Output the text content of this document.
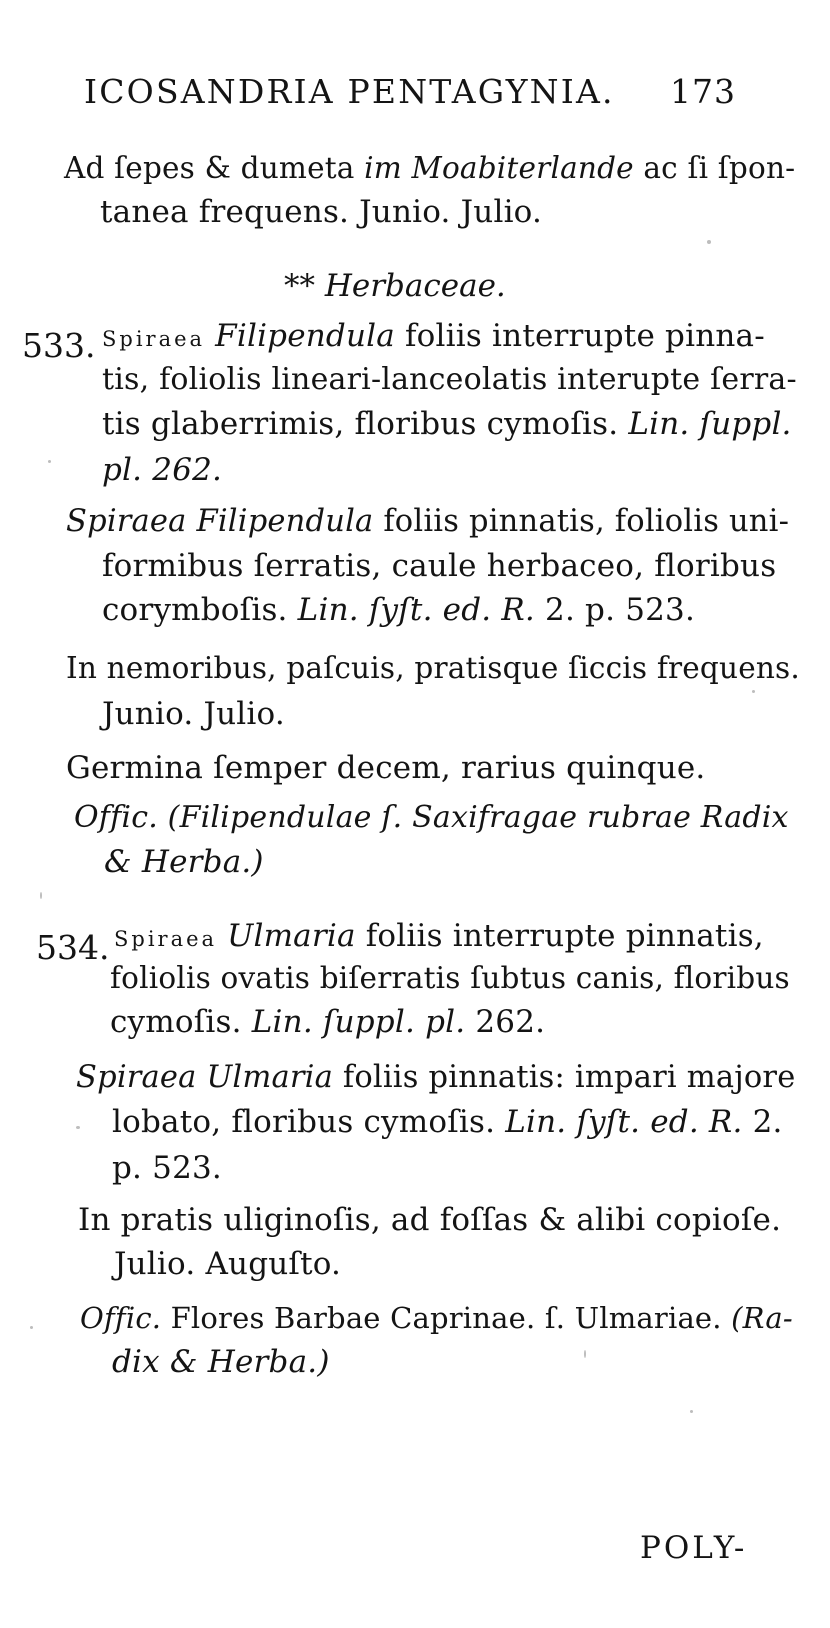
ICOSANDRIA PENTAGYNIA. 173
Ad ſepes & dumeta im Moabiterlande ac ſi ſpon-
tanea frequens. Junio. Julio.
** Herbaceae.
533. Spiraea Filipendula foliis interrupte pinna-
tis, foliolis lineari-lanceolatis interupte ſerra-
tis glaberrimis, floribus cymoſis. Lin. ſuppl.
pl. 262.
Spiraea Filipendula foliis pinnatis, foliolis uni-
formibus ſerratis, caule herbaceo, floribus
corymboſis. Lin. ſyſt. ed. R. 2. p. 523.
In nemoribus, paſcuis, pratisque ſiccis frequens.
Junio. Julio.
Germina ſemper decem, rarius quinque.
Offic. (Filipendulae ſ. Saxifragae rubrae Radix
& Herba.)
534. Spiraea Ulmaria foliis interrupte pinnatis,
foliolis ovatis biſerratis ſubtus canis, floribus
cymoſis. Lin. ſuppl. pl. 262.
Spiraea Ulmaria foliis pinnatis: impari majore
lobato, floribus cymoſis. Lin. ſyſt. ed. R. 2.
p. 523.
In pratis uliginoſis, ad foſſas & alibi copioſe.
Julio. Auguſto.
Offic. Flores Barbae Caprinae. ſ. Ulmariae. (Ra-
dix & Herba.)
POLY-
